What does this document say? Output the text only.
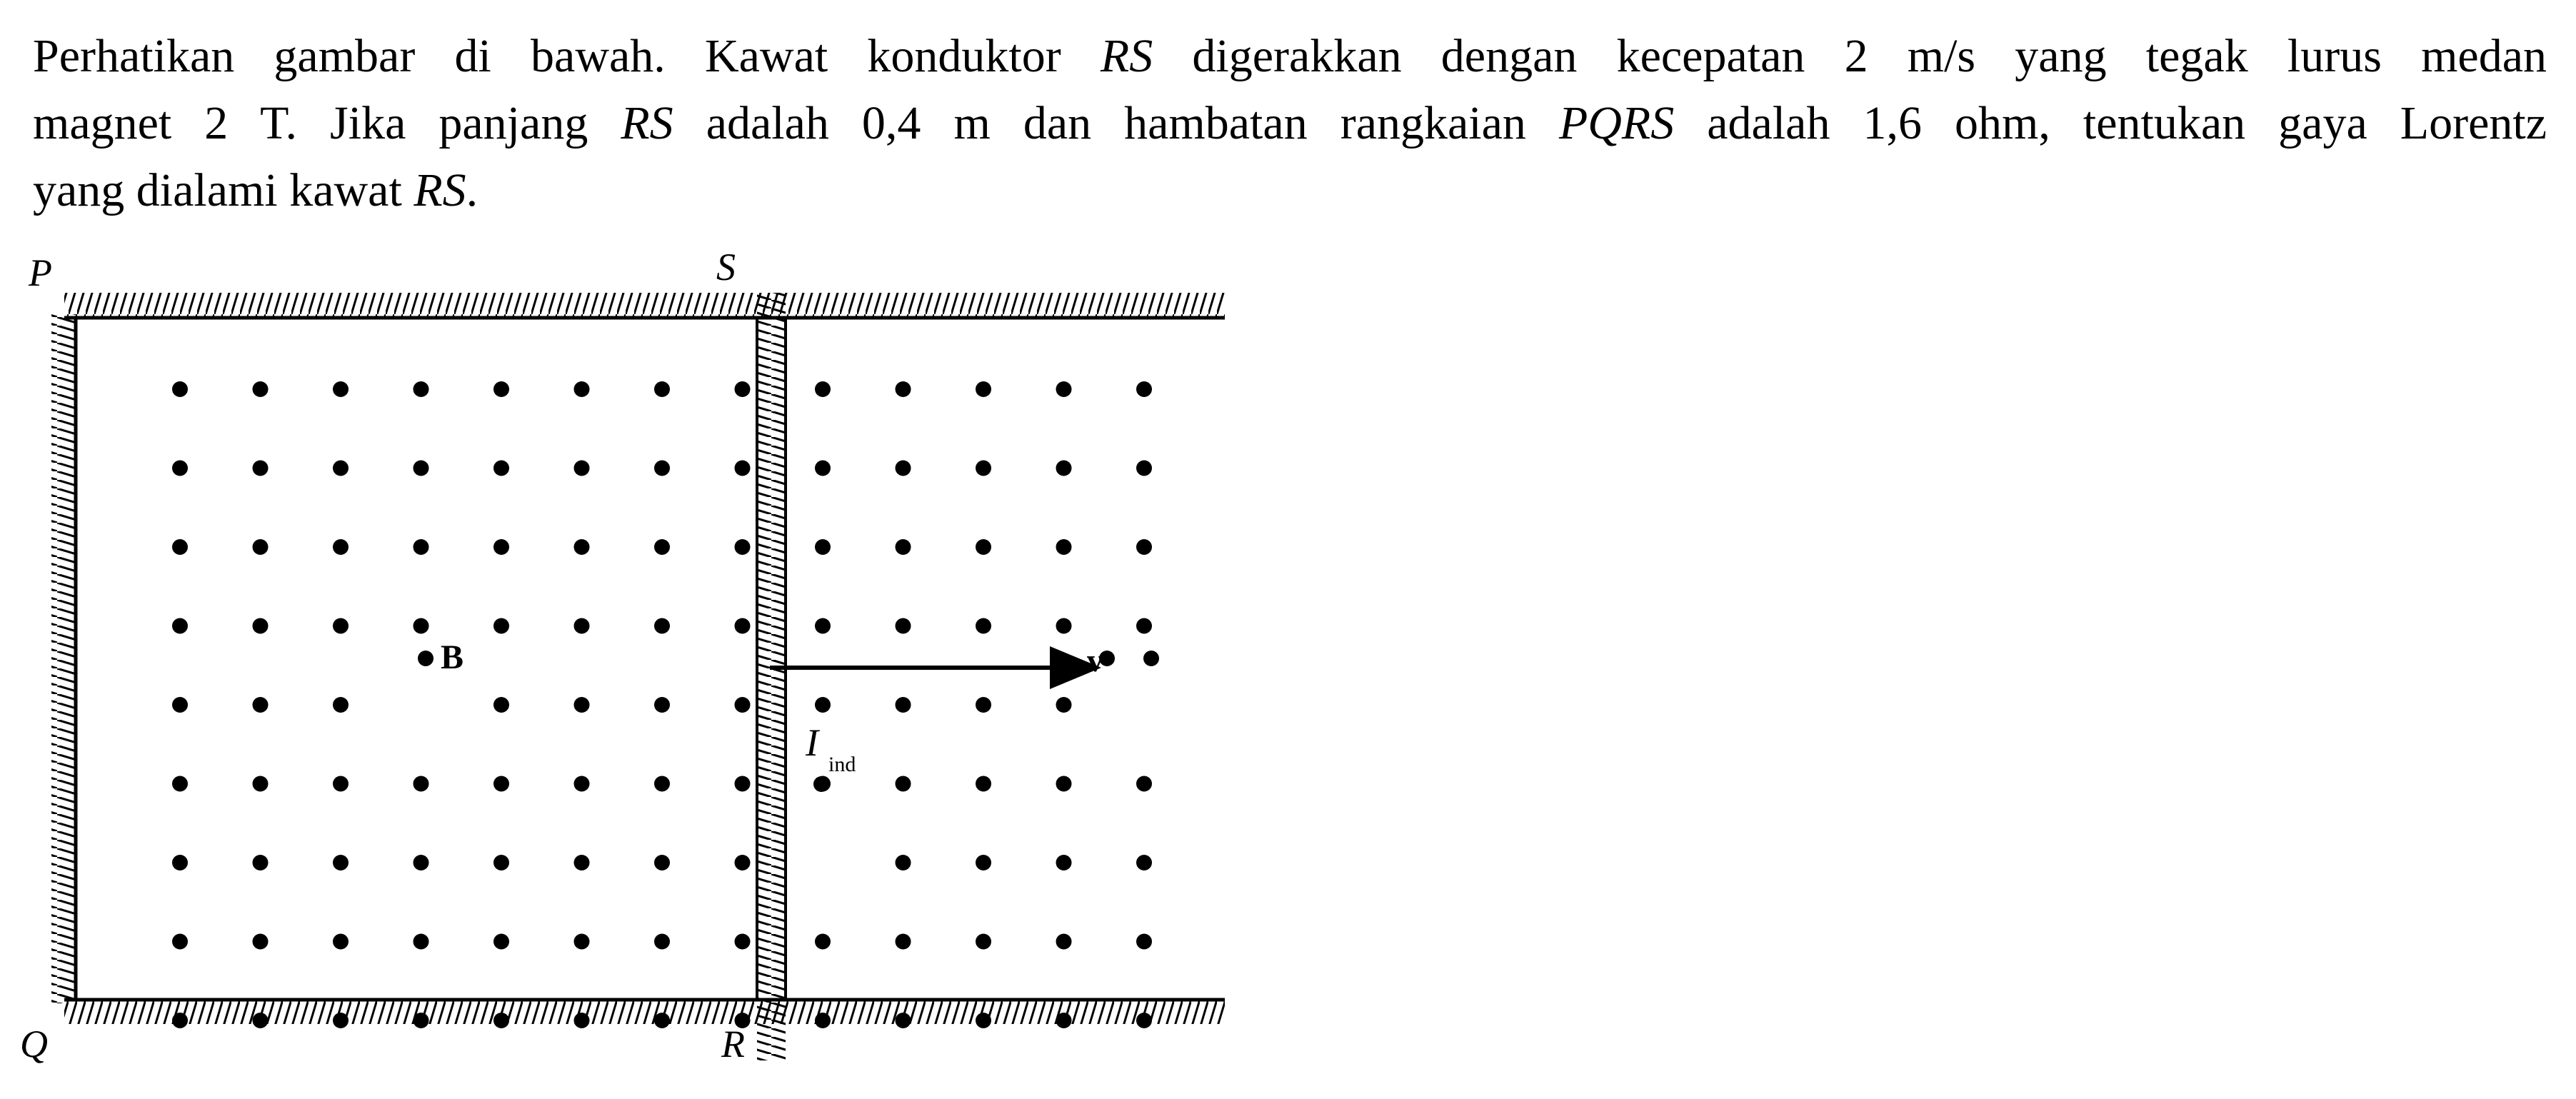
Perhatikan gambar di bawah. Kawat konduktor RS digerakkan dengan kecepatan 2 m/s yang tegak lurus medan
magnet 2 T. Jika panjang RS adalah 0,4 m dan hambatan rangkaian PQRS adalah 1,6 ohm, tentukan gaya Lorentz
yang dialami kawat RS.
P	S
Q	R
B	v
I
ind
